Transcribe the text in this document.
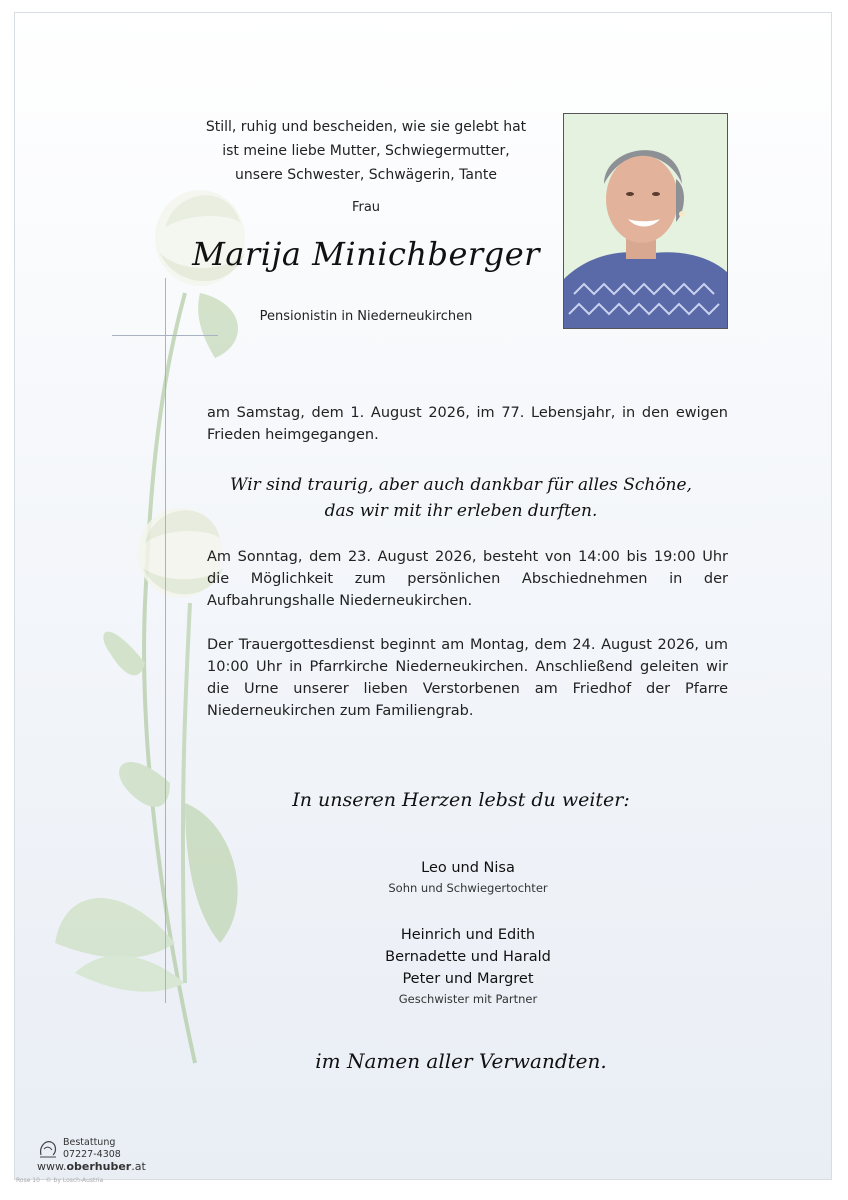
Still, ruhig und bescheiden, wie sie gelebt hat
ist meine liebe Mutter, Schwiegermutter,
unsere Schwester, Schwägerin, Tante
Frau
Marija Minichberger
Pensionistin in Niederneukirchen
am Samstag, dem 1. August 2026, im 77. Lebensjahr, in den ewigen Frieden heimgegangen.
Wir sind traurig, aber auch dankbar für alles Schöne,
das wir mit ihr erleben durften.
Am Sonntag, dem 23. August 2026, besteht von 14:00 bis 19:00 Uhr die Möglichkeit zum persönlichen Abschiednehmen in der Aufbahrungshalle Niederneukirchen.
Der Trauergottesdienst beginnt am Montag, dem 24. August 2026, um 10:00 Uhr in Pfarrkirche Niederneukirchen. Anschließend geleiten wir die Urne unserer lieben Verstorbenen am Friedhof der Pfarre Niederneukirchen zum Familiengrab.
In unseren Herzen lebst du weiter:
Leo und Nisa
Sohn und Schwiegertochter
Heinrich und Edith
Bernadette und Harald
Peter und Margret
Geschwister mit Partner
im Namen aller Verwandten.
Bestattung 07227-4308
www.oberhuber.at
Rose 10 · © by Losch-Austria
